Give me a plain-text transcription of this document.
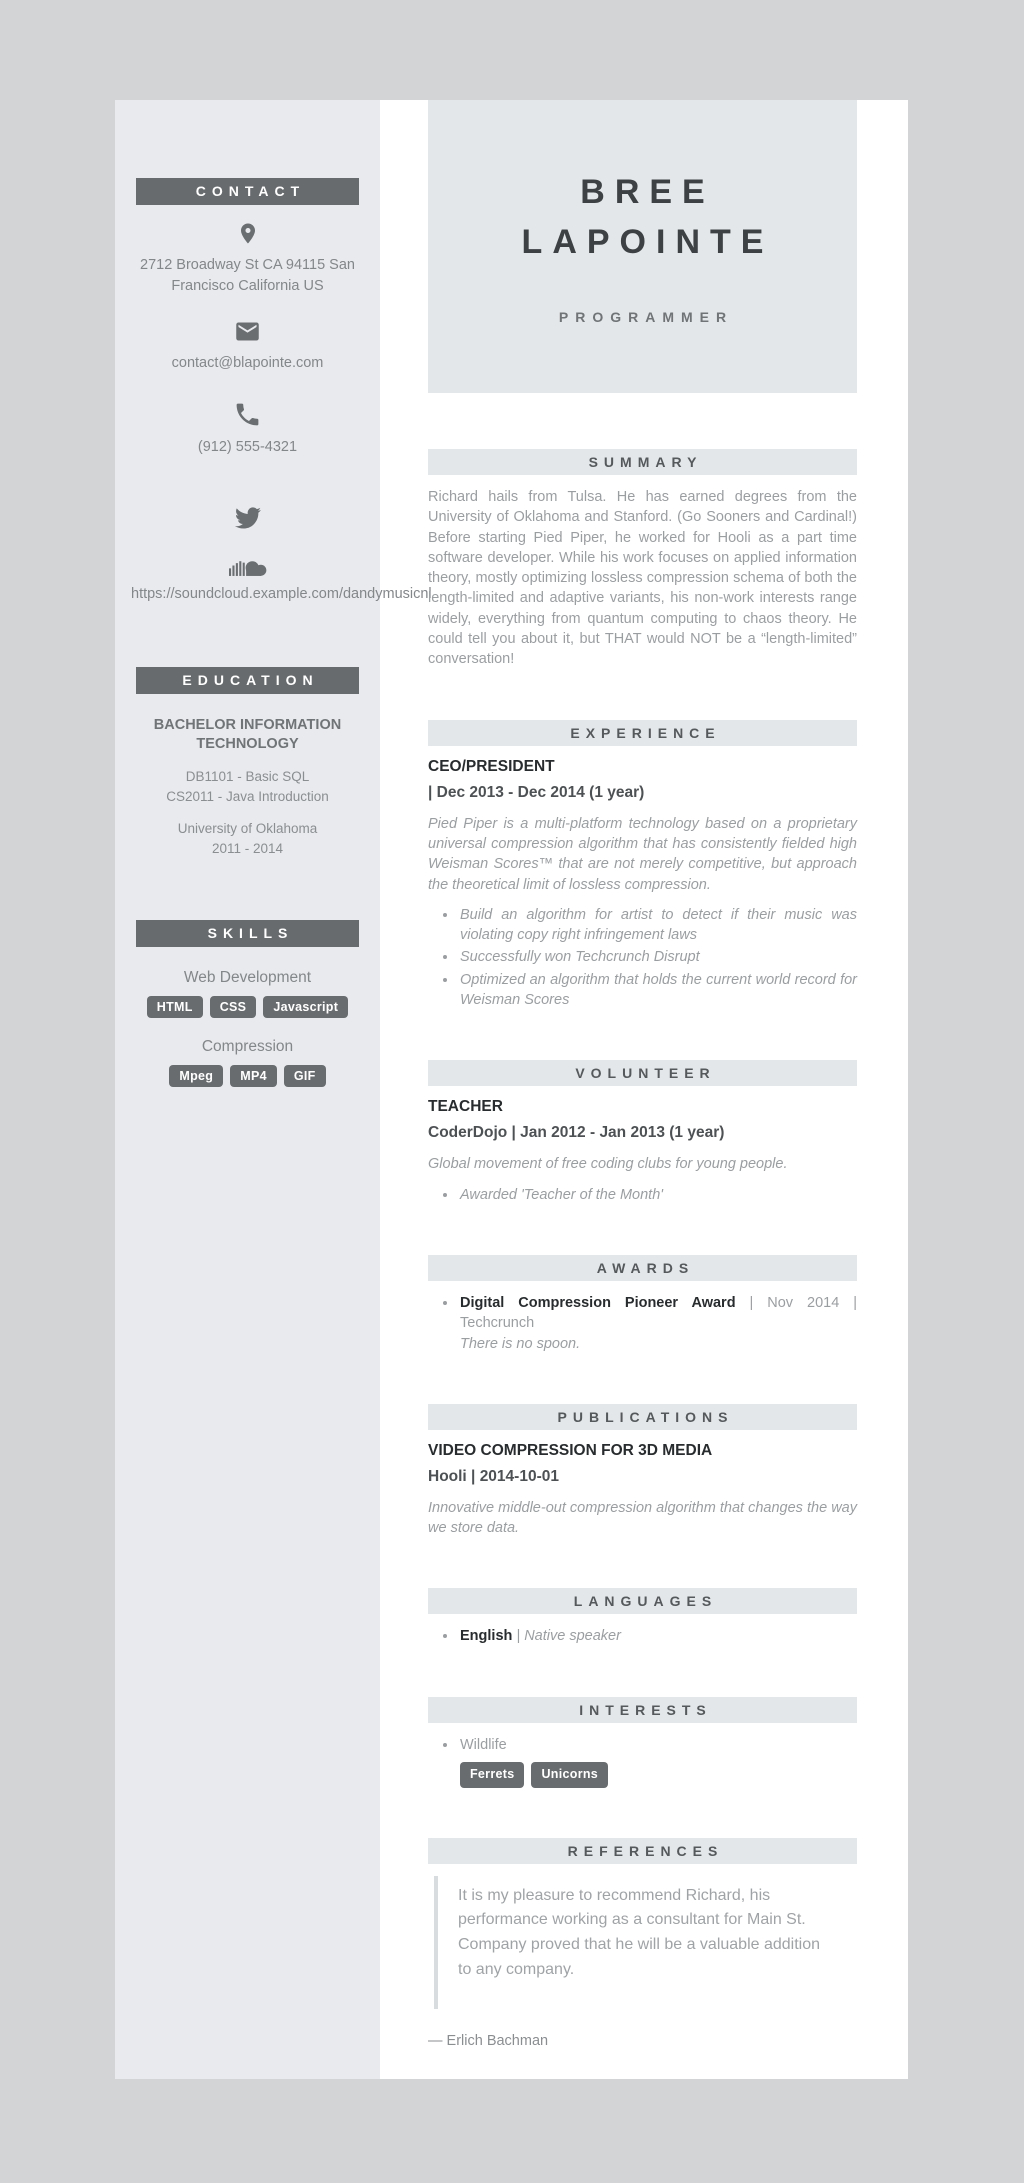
CONTACT

2712 Broadway St CA 94115 San Francisco California US

contact@blapointe.com

(912) 555-4321

https://soundcloud.example.com/dandymusicnl

EDUCATION

BACHELOR INFORMATION TECHNOLOGY

DB1101 - Basic SQL
CS2011 - Java Introduction
University of Oklahoma
2011 - 2014
SKILLS

Web Development

HTML	CSS	Javascript

Compression

Mpeg	MP4	GIF
BREE LAPOINTE
PROGRAMMER
SUMMARY

Richard hails from Tulsa. He has earned degrees from the University of Oklahoma and Stanford. (Go Sooners and Cardinal!) Before starting Pied Piper, he worked for Hooli as a part time software developer. While his work focuses on applied information theory, mostly optimizing lossless compression schema of both the length-limited and adaptive variants, his non-work interests range widely, everything from quantum computing to chaos theory. He could tell you about it, but THAT would NOT be a “length-limited” conversation!

EXPERIENCE
CEO/PRESIDENT
| Dec 2013 - Dec 2014 (1 year)

Pied Piper is a multi-platform technology based on a proprietary universal compression algorithm that has consistently fielded high Weisman Scores™ that are not merely competitive, but approach the theoretical limit of lossless compression.

• Build an algorithm for artist to detect if their music was violating copy right infringement laws
• Successfully won Techcrunch Disrupt
• Optimized an algorithm that holds the current world record for Weisman Scores
VOLUNTEER
TEACHER
CoderDojo | Jan 2012 - Jan 2013 (1 year)

Global movement of free coding clubs for young people.

• Awarded 'Teacher of the Month'
AWARDS
• Digital Compression Pioneer Award | Nov 2014 | Techcrunch
There is no spoon.
PUBLICATIONS
VIDEO COMPRESSION FOR 3D MEDIA
Hooli | 2014-10-01

Innovative middle-out compression algorithm that changes the way we store data.

LANGUAGES
• English | Native speaker
INTERESTS
• Wildlife
Ferrets	Unicorns
REFERENCES
It is my pleasure to recommend Richard, his performance working as a consultant for Main St. Company proved that he will be a valuable addition to any company.

— Erlich Bachman
